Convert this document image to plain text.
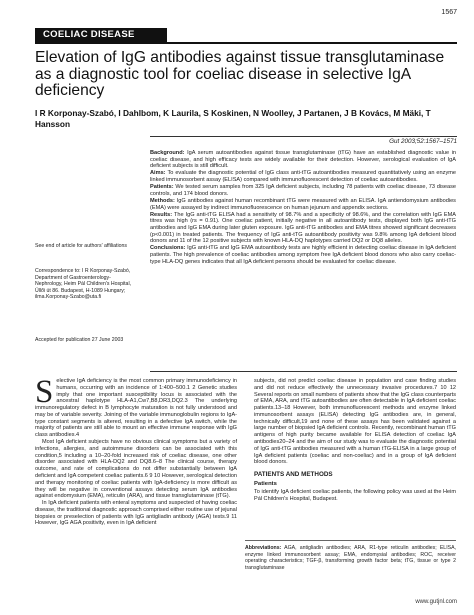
1567
COELIAC DISEASE
Elevation of IgG antibodies against tissue transglutaminase as a diagnostic tool for coeliac disease in selective IgA deficiency
I R Korponay-Szabó, I Dahlbom, K Laurila, S Koskinen, N Woolley, J Partanen, J B Kovács, M Mäki, T Hansson
Gut 2003;52:1567–1571

See end of article for authors' affiliations

Correspondence to: I R Korponay-Szabó, Department of Gastroenterology-Nephrology, Heim Pál Children's Hospital, Üllői út 86. Budapest, H-1089 Hungary; ilma.Korponay-Szabo@uta.fi

Accepted for publication 27 June 2003

Background: IgA serum autoantibodies against tissue transglutaminase (tTG) have an established diagnostic value in coeliac disease, and high efficacy tests are widely available for their detection. However, serological evaluation of IgA deficient subjects is still difficult.

Aims: To evaluate the diagnostic potential of IgG class anti-tTG autoantibodies measured quantitatively using an enzyme linked immunosorbent assay (ELISA) compared with immunofluorescent detection of coeliac autoantibodies.

Patients: We tested serum samples from 325 IgA deficient subjects, including 78 patients with coeliac disease, 73 disease controls, and 174 blood donors.

Methods: IgG antibodies against human recombinant tTG were measured with an ELISA. IgA antiendomysium antibodies (EMA) were assayed by indirect immunofluorescence on human jejunum and appendix sections.

Results: The IgG anti-tTG ELISA had a sensitivity of 98.7% and a specificity of 98.6%, and the correlation with IgG EMA titres was high (rs = 0.91). One coeliac patient, initially negative in all autoantibody tests, displayed both IgG anti-tTG antibodies and IgG EMA during later gluten exposure. IgG anti-tTG antibodies and EMA titres showed significant decreases (p<0.001) in treated patients. The frequency of IgG anti-tTG autoantibody positivity was 9.8% among IgA deficient blood donors and 11 of the 12 positive subjects with known HLA-DQ haplotypes carried DQ2 or DQ8 alleles.

Conclusions: IgG anti-tTG and IgG EMA autoantibody tests are highly efficient in detecting coeliac disease in IgA deficient patients. The high prevalence of coeliac antibodies among symptom free IgA deficient blood donors who also carry coeliac-type HLA-DQ genes indicates that all IgA deficient persons should be evaluated for coeliac disease.

Selective IgA deficiency is the most common primary immunodeficiency in humans, occurring with an incidence of 1:400–500.1 2 Genetic studies imply that one important susceptibility locus is associated with the ancestral haplotype HLA-A1,Cw7,B8,DR3,DQ2.3 The underlying immunoregulatory defect in B lymphocyte maturation is not fully understood and may be of variable severity. Joining of the variable immunoglobulin regions to IgA-type constant segments is altered, resulting in a defective IgA switch, while the majority of patients are still able to mount an effective immune response with IgG class antibodies.4

Most IgA deficient subjects have no obvious clinical symptoms but a variety of infections, allergies, and autoimmune disorders can be associated with this condition,5 including a 10–20-fold increased risk of coeliac disease, one other disorder associated with HLA-DQ2 and DQ8.6–8 The clinical course, therapy outcome, and rate of complications do not differ substantially between IgA deficient and IgA competent coeliac patients.6 9 10 However, serological detection and therapy monitoring of coeliac patients with IgA-deficiency is more difficult as they will be negative in conventional assays detecting serum IgA antibodies against endomysium (EMA), reticulin (ARA), and tissue transglutaminase (tTG).

In IgA deficient patients with enteral symptoms and suspected of having coeliac disease, the traditional diagnostic approach comprised either routine use of jejunal biopsies or preselection of patients with IgG antigliadin antibody (AGA) tests.9 11 However, IgG AGA positivity, even in IgA deficient

subjects, did not predict coeliac disease in population and case finding studies and did not reduce effectively the unnecessary invasive procedures.7 10 12 Several reports on small numbers of patients show that the IgG class counterparts of EMA, ARA, and tTG autoantibodies are often detectable in IgA deficient coeliac patients.13–18 However, both immunofluorescent methods and enzyme linked immunosorbent assays (ELISA) detecting IgG antibodies are, in general, technically difficult,19 and none of these assays has been validated against a large number of biopsied IgA deficient controls. Recently, recombinant human tTG antigens of high purity became available for ELISA detection of coeliac IgA antibodies20–24 and the aim of our study was to evaluate the diagnostic potential of IgG anti-tTG antibodies measured with a human tTG-ELISA in a large group of IgA deficient patients (coeliac and non-coeliac) and in a group of IgA deficient blood donors.

PATIENTS AND METHODS
Patients

To identify IgA deficient coeliac patients, the following policy was used at the Heim Pál Children's Hospital, Budapest.

Abbreviations: AGA, antigliadin antibodies; ARA, R1-type reticulin antibodies; ELISA, enzyme linked immunosorbent assay; EMA, endomysial antibodies; ROC, receiver operating characteristics; TGF-β, transforming growth factor beta; tTG, tissue or type 2 transglutaminase
www.gutjnl.com
